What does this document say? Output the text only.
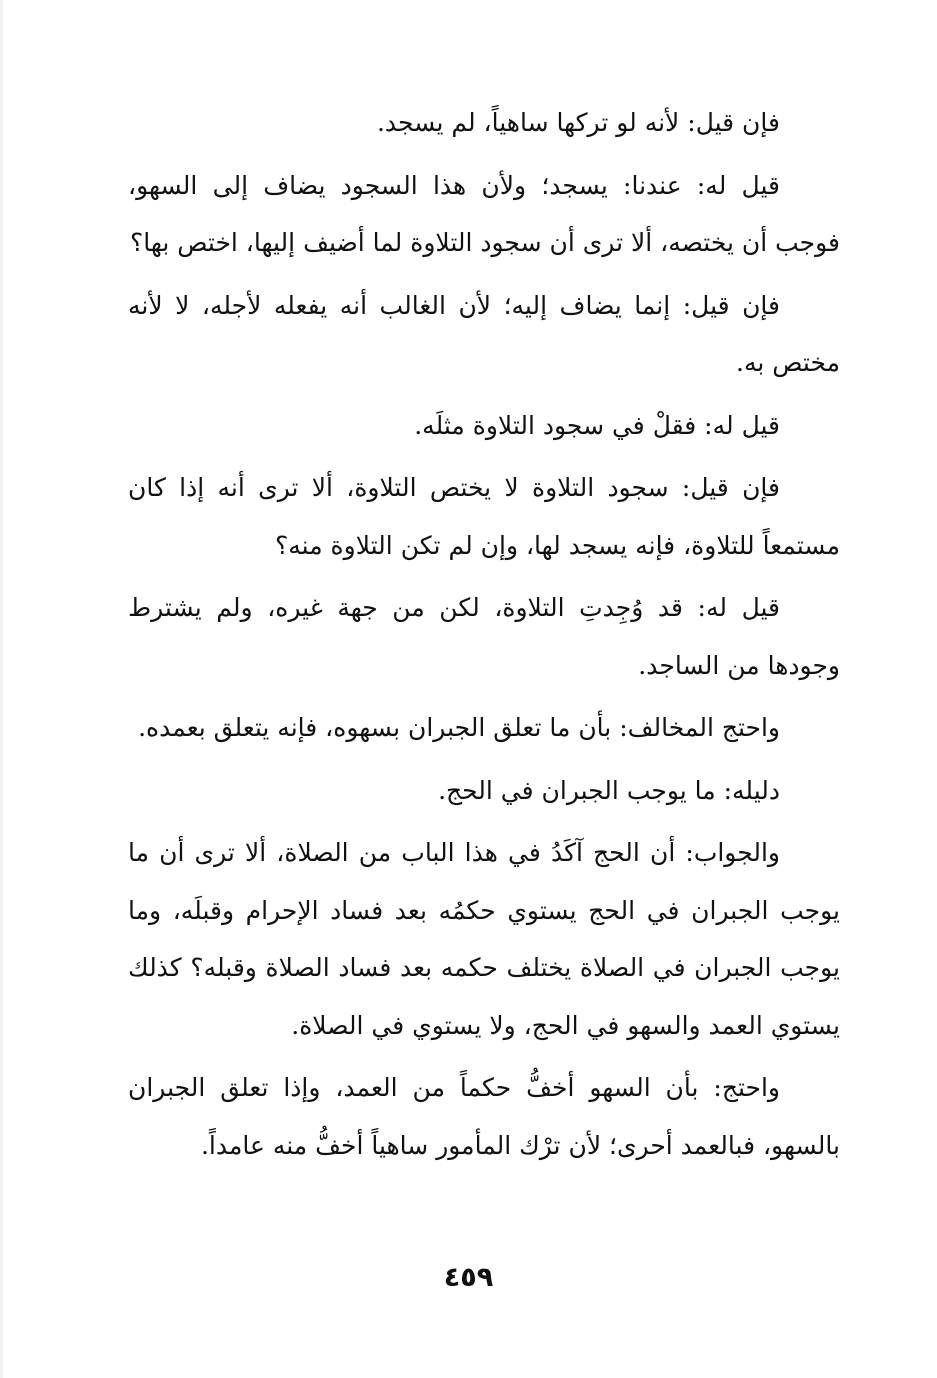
فإن قيل: لأنه لو تركها ساهياً، لم يسجد.

قيل له: عندنا: يسجد؛ ولأن هذا السجود يضاف إلى السهو، فوجب أن يختصه، ألا ترى أن سجود التلاوة لما أضيف إليها، اختص بها؟

فإن قيل: إنما يضاف إليه؛ لأن الغالب أنه يفعله لأجله، لا لأنه مختص به.

قيل له: فقلْ في سجود التلاوة مثلَه.

فإن قيل: سجود التلاوة لا يختص التلاوة، ألا ترى أنه إذا كان مستمعاً للتلاوة، فإنه يسجد لها، وإن لم تكن التلاوة منه؟

قيل له: قد وُجِدتِ التلاوة، لكن من جهة غيره، ولم يشترط وجودها من الساجد.

واحتج المخالف: بأن ما تعلق الجبران بسهوه، فإنه يتعلق بعمده.

دليله: ما يوجب الجبران في الحج.

والجواب: أن الحج آكَدُ في هذا الباب من الصلاة، ألا ترى أن ما يوجب الجبران في الحج يستوي حكمُه بعد فساد الإحرام وقبلَه، وما يوجب الجبران في الصلاة يختلف حكمه بعد فساد الصلاة وقبله؟ كذلك يستوي العمد والسهو في الحج، ولا يستوي في الصلاة.

واحتج: بأن السهو أخفُّ حكماً من العمد، وإذا تعلق الجبران بالسهو، فبالعمد أحرى؛ لأن ترْك المأمور ساهياً أخفُّ منه عامداً.

٤٥٩
